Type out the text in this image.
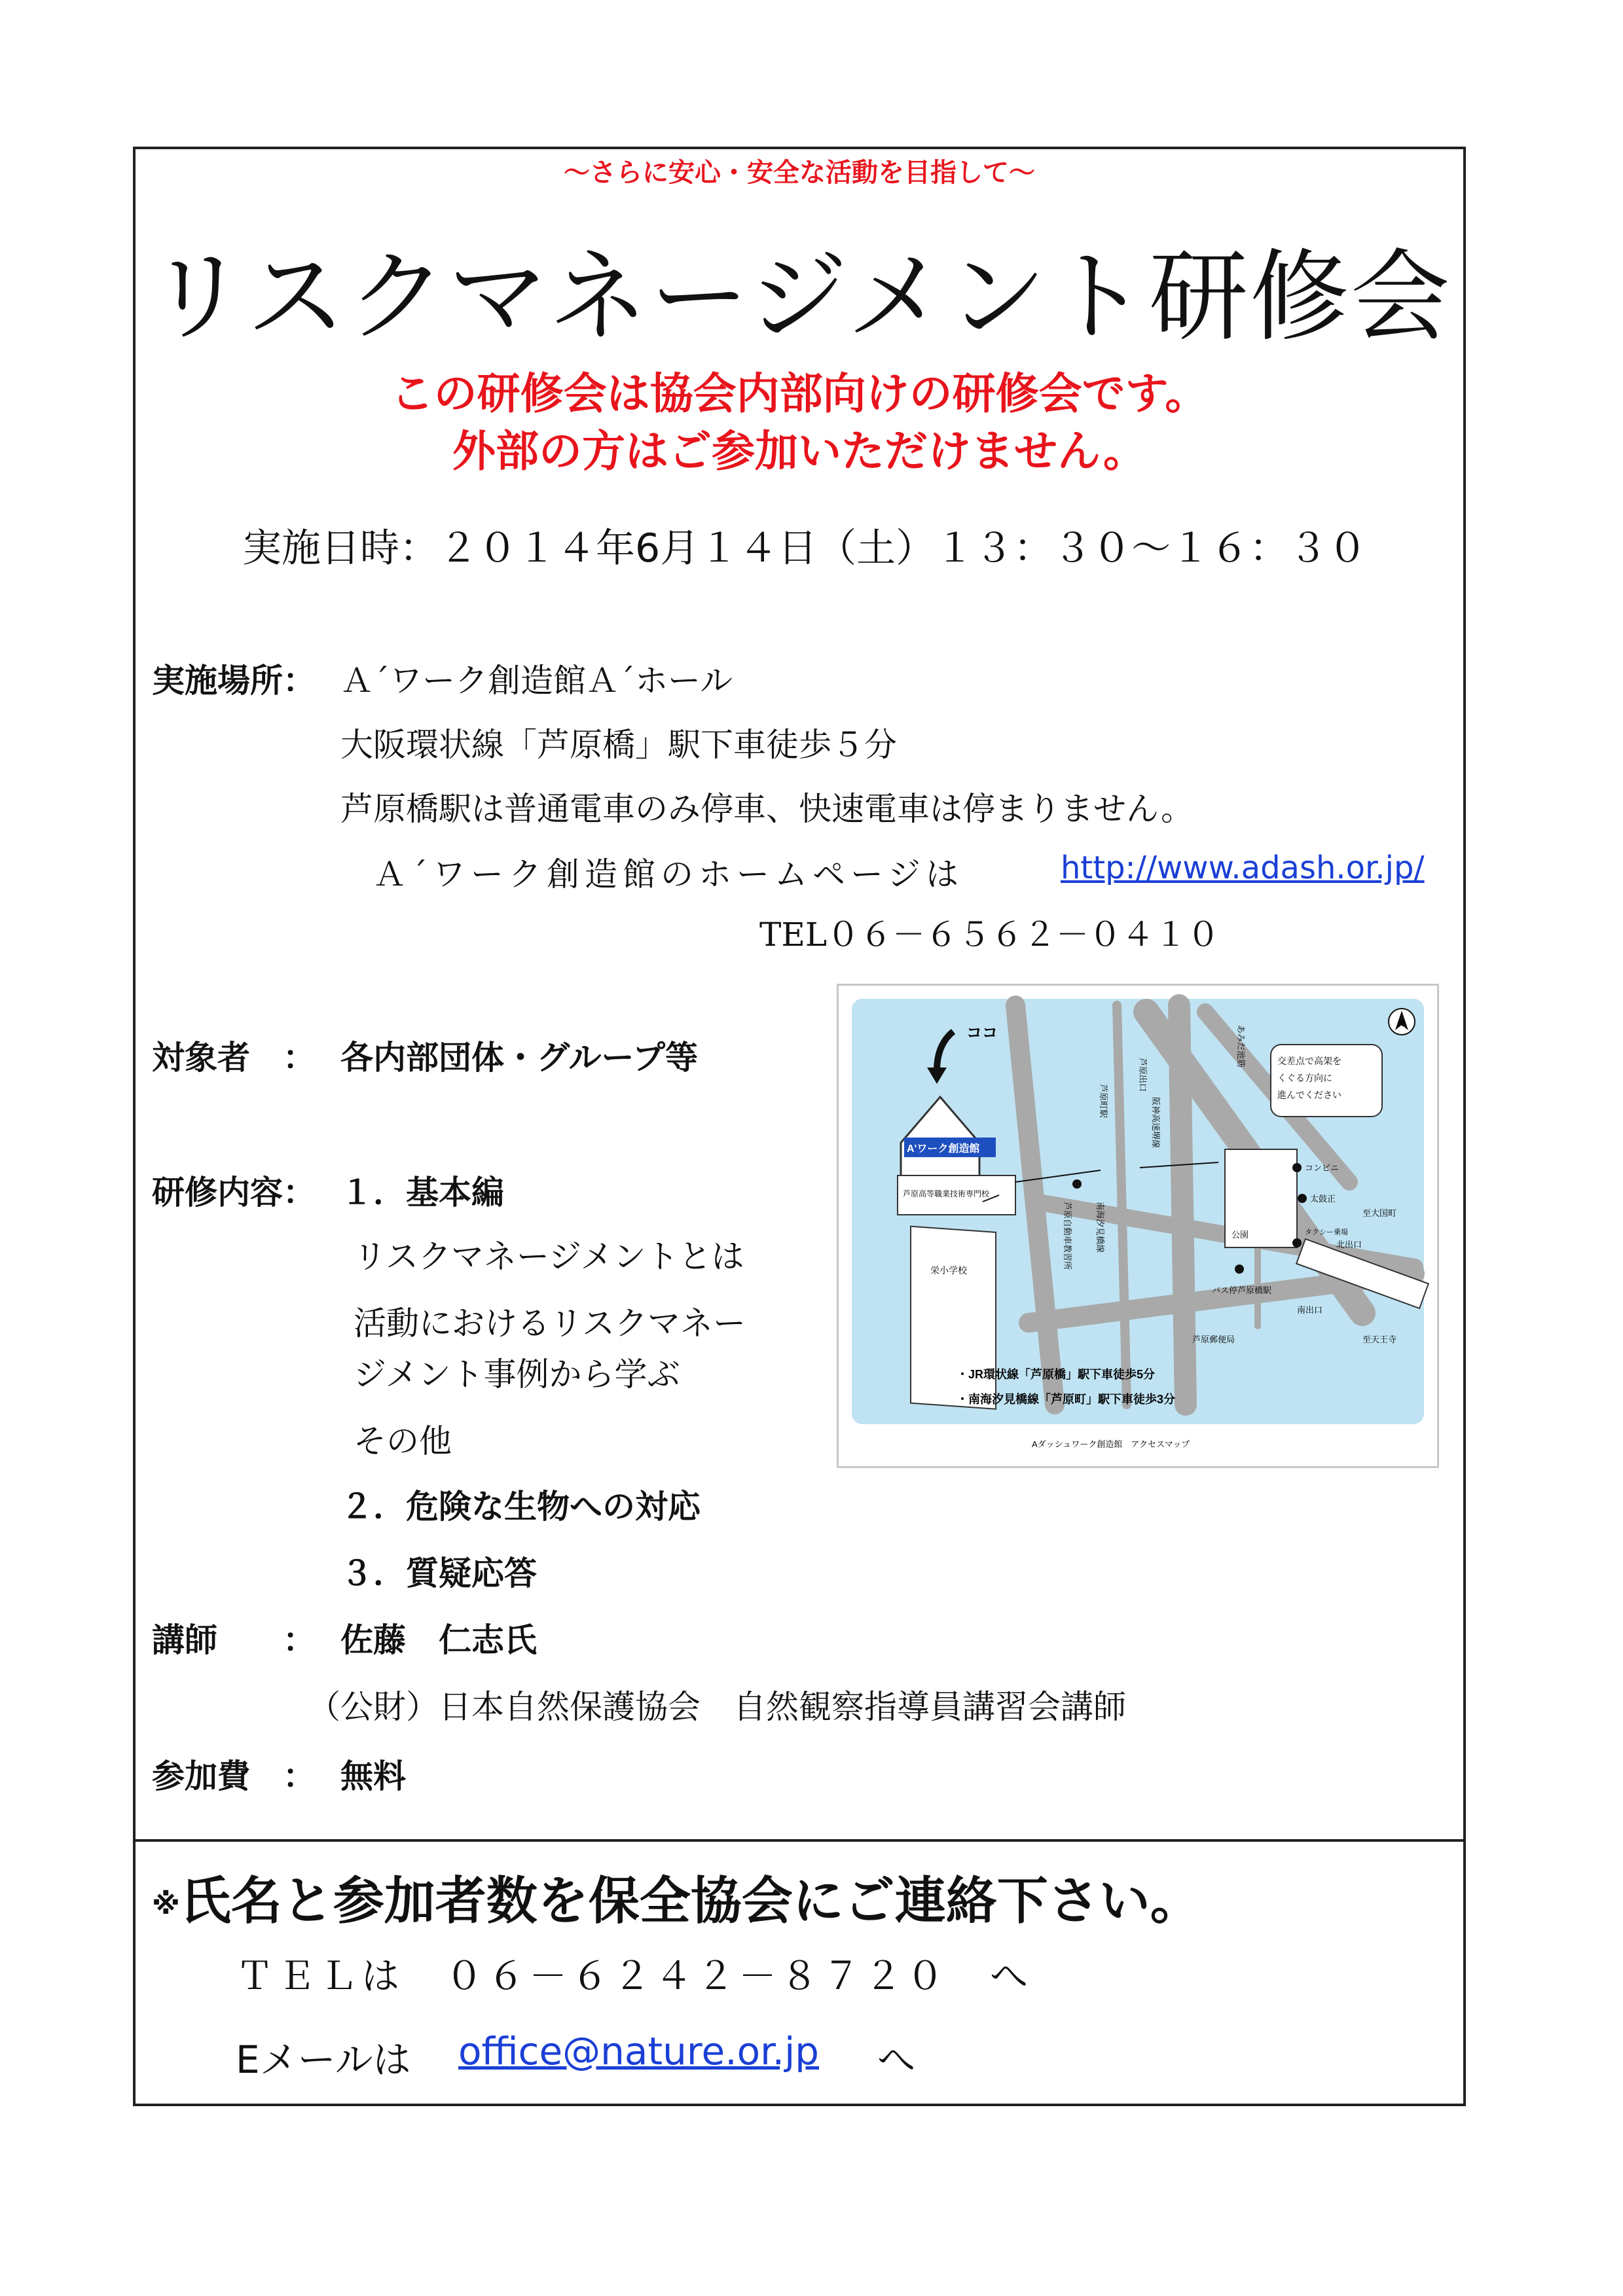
～さらに安心・安全な活動を目指して～
リスクマネージメント研修会
この研修会は協会内部向けの研修会です。
外部の方はご参加いただけません。
実施日時：２０１４年6月１４日（土）１３：３０～１６：３０
実施場所： Ａ´ワーク創造館Ａ´ホール
大阪環状線「芦原橋」駅下車徒歩５分
芦原橋駅は普通電車のみ停車、快速電車は停まりません。
Ａ´ワーク創造館のホームページは	http://www.adash.or.jp/
TEL０６－６５６２－０４１０
対象者　： 各内部団体・グループ等
研修内容： １．基本編
リスクマネージメントとは
活動におけるリスクマネー
ジメント事例から学ぶ
その他
２．危険な生物への対応
３．質疑応答
講師　　： 佐藤　仁志氏
（公財）日本自然保護協会　自然観察指導員講習会講師
参加費　： 無料
ココ
A'ワーク創造館
芦原高等職業技術専門校
栄小学校
交差点で高架を
くぐる方向に
進んでください
あみだ池筋
芦原町駅
芦原出口
阪神高速堺線
南海汐見橋線
芦原自動車教習所
コンビニ
太鼓正
至大国町
北出口
タクシー乗場
公園
バス停芦原橋駅
南出口
JR環状線芦原橋駅
芦原郵便局	至天王寺
N
・JR環状線「芦原橋」駅下車徒歩5分
・南海汐見橋線「芦原町」駅下車徒歩3分
Aダッシュワーク創造館　アクセスマップ
※氏名と参加者数を保全協会にご連絡下さい。
ＴＥＬは　０６－６２４２－８７２０　へ
Eメールは office@nature.or.jp へ
